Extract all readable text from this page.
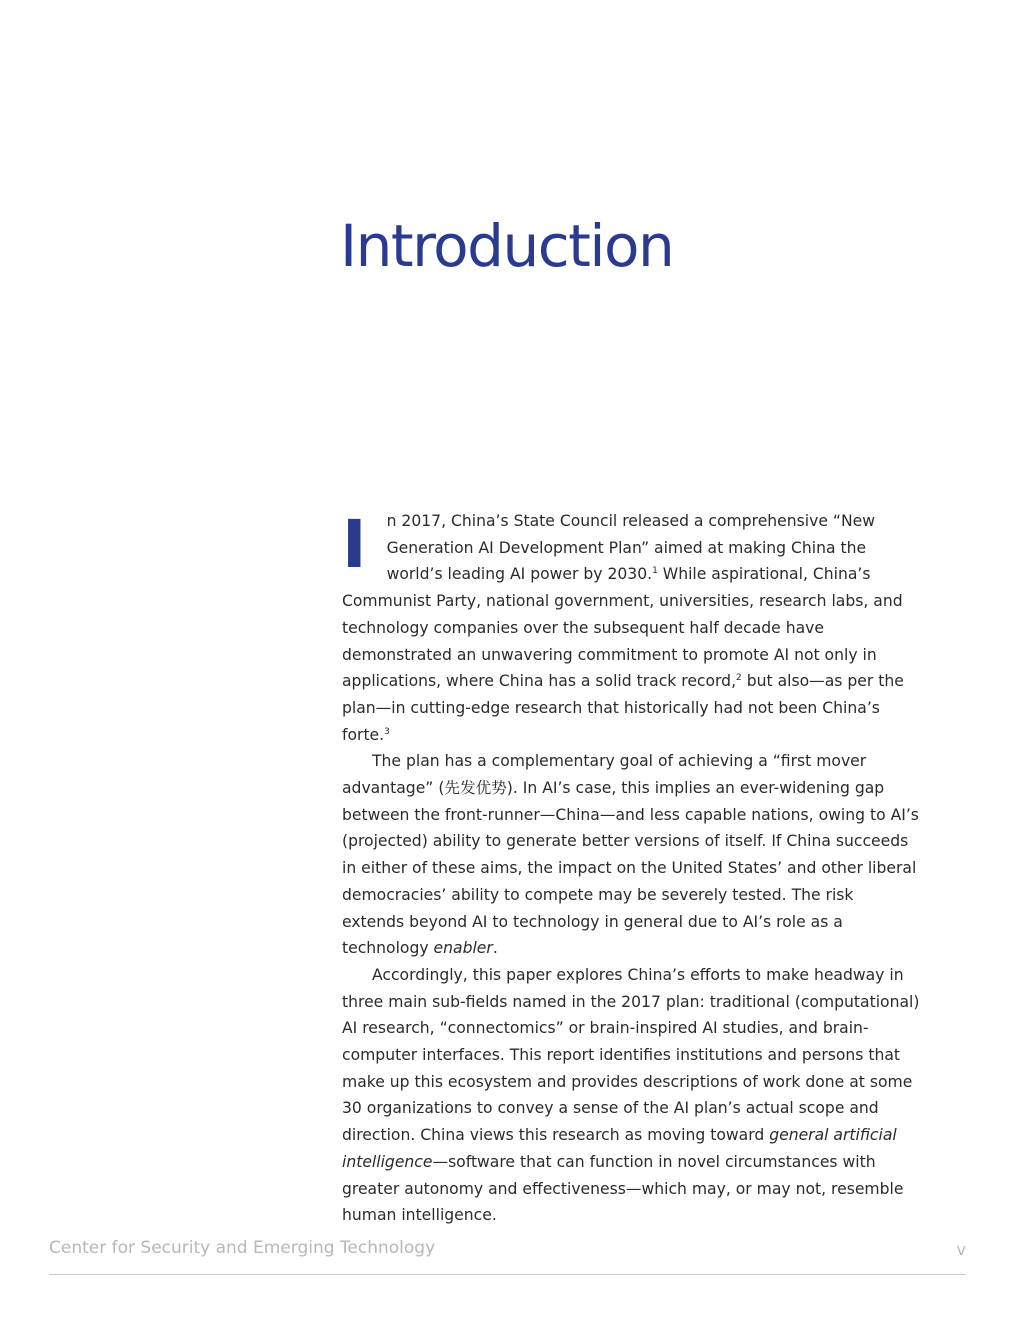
Introduction

I n 2017, China’s State Council released a comprehensive “New Generation AI Development Plan” aimed at making China the world’s leading AI power by 2030.$^1$ While aspirational, China’s Communist Party, national government, universities, research labs, and technology companies over the subsequent half decade have demonstrated an unwavering commitment to promote AI not only in applications, where China has a solid track record,$^2$ but also—as per the plan—in cutting-edge research that historically had not been China’s forte.$^3$

The plan has a complementary goal of achieving a “first mover advantage” (先发优势). In AI’s case, this implies an ever-widening gap between the front-runner—China—and less capable nations, owing to AI’s (projected) ability to generate better versions of itself. If China succeeds in either of these aims, the impact on the United States’ and other liberal democracies’ ability to compete may be severely tested. The risk extends beyond AI to technology in general due to AI’s role as a technology enabler.

Accordingly, this paper explores China’s efforts to make headway in three main sub-fields named in the 2017 plan: traditional (computational) AI research, “connectomics” or brain-inspired AI studies, and brain-computer interfaces. This report identifies institutions and persons that make up this ecosystem and provides descriptions of work done at some 30 organizations to convey a sense of the AI plan’s actual scope and direction. China views this research as moving toward general artificial intelligence—software that can function in novel circumstances with greater autonomy and effectiveness—which may, or may not, resemble human intelligence.

Center for Security and Emerging Technology	v
